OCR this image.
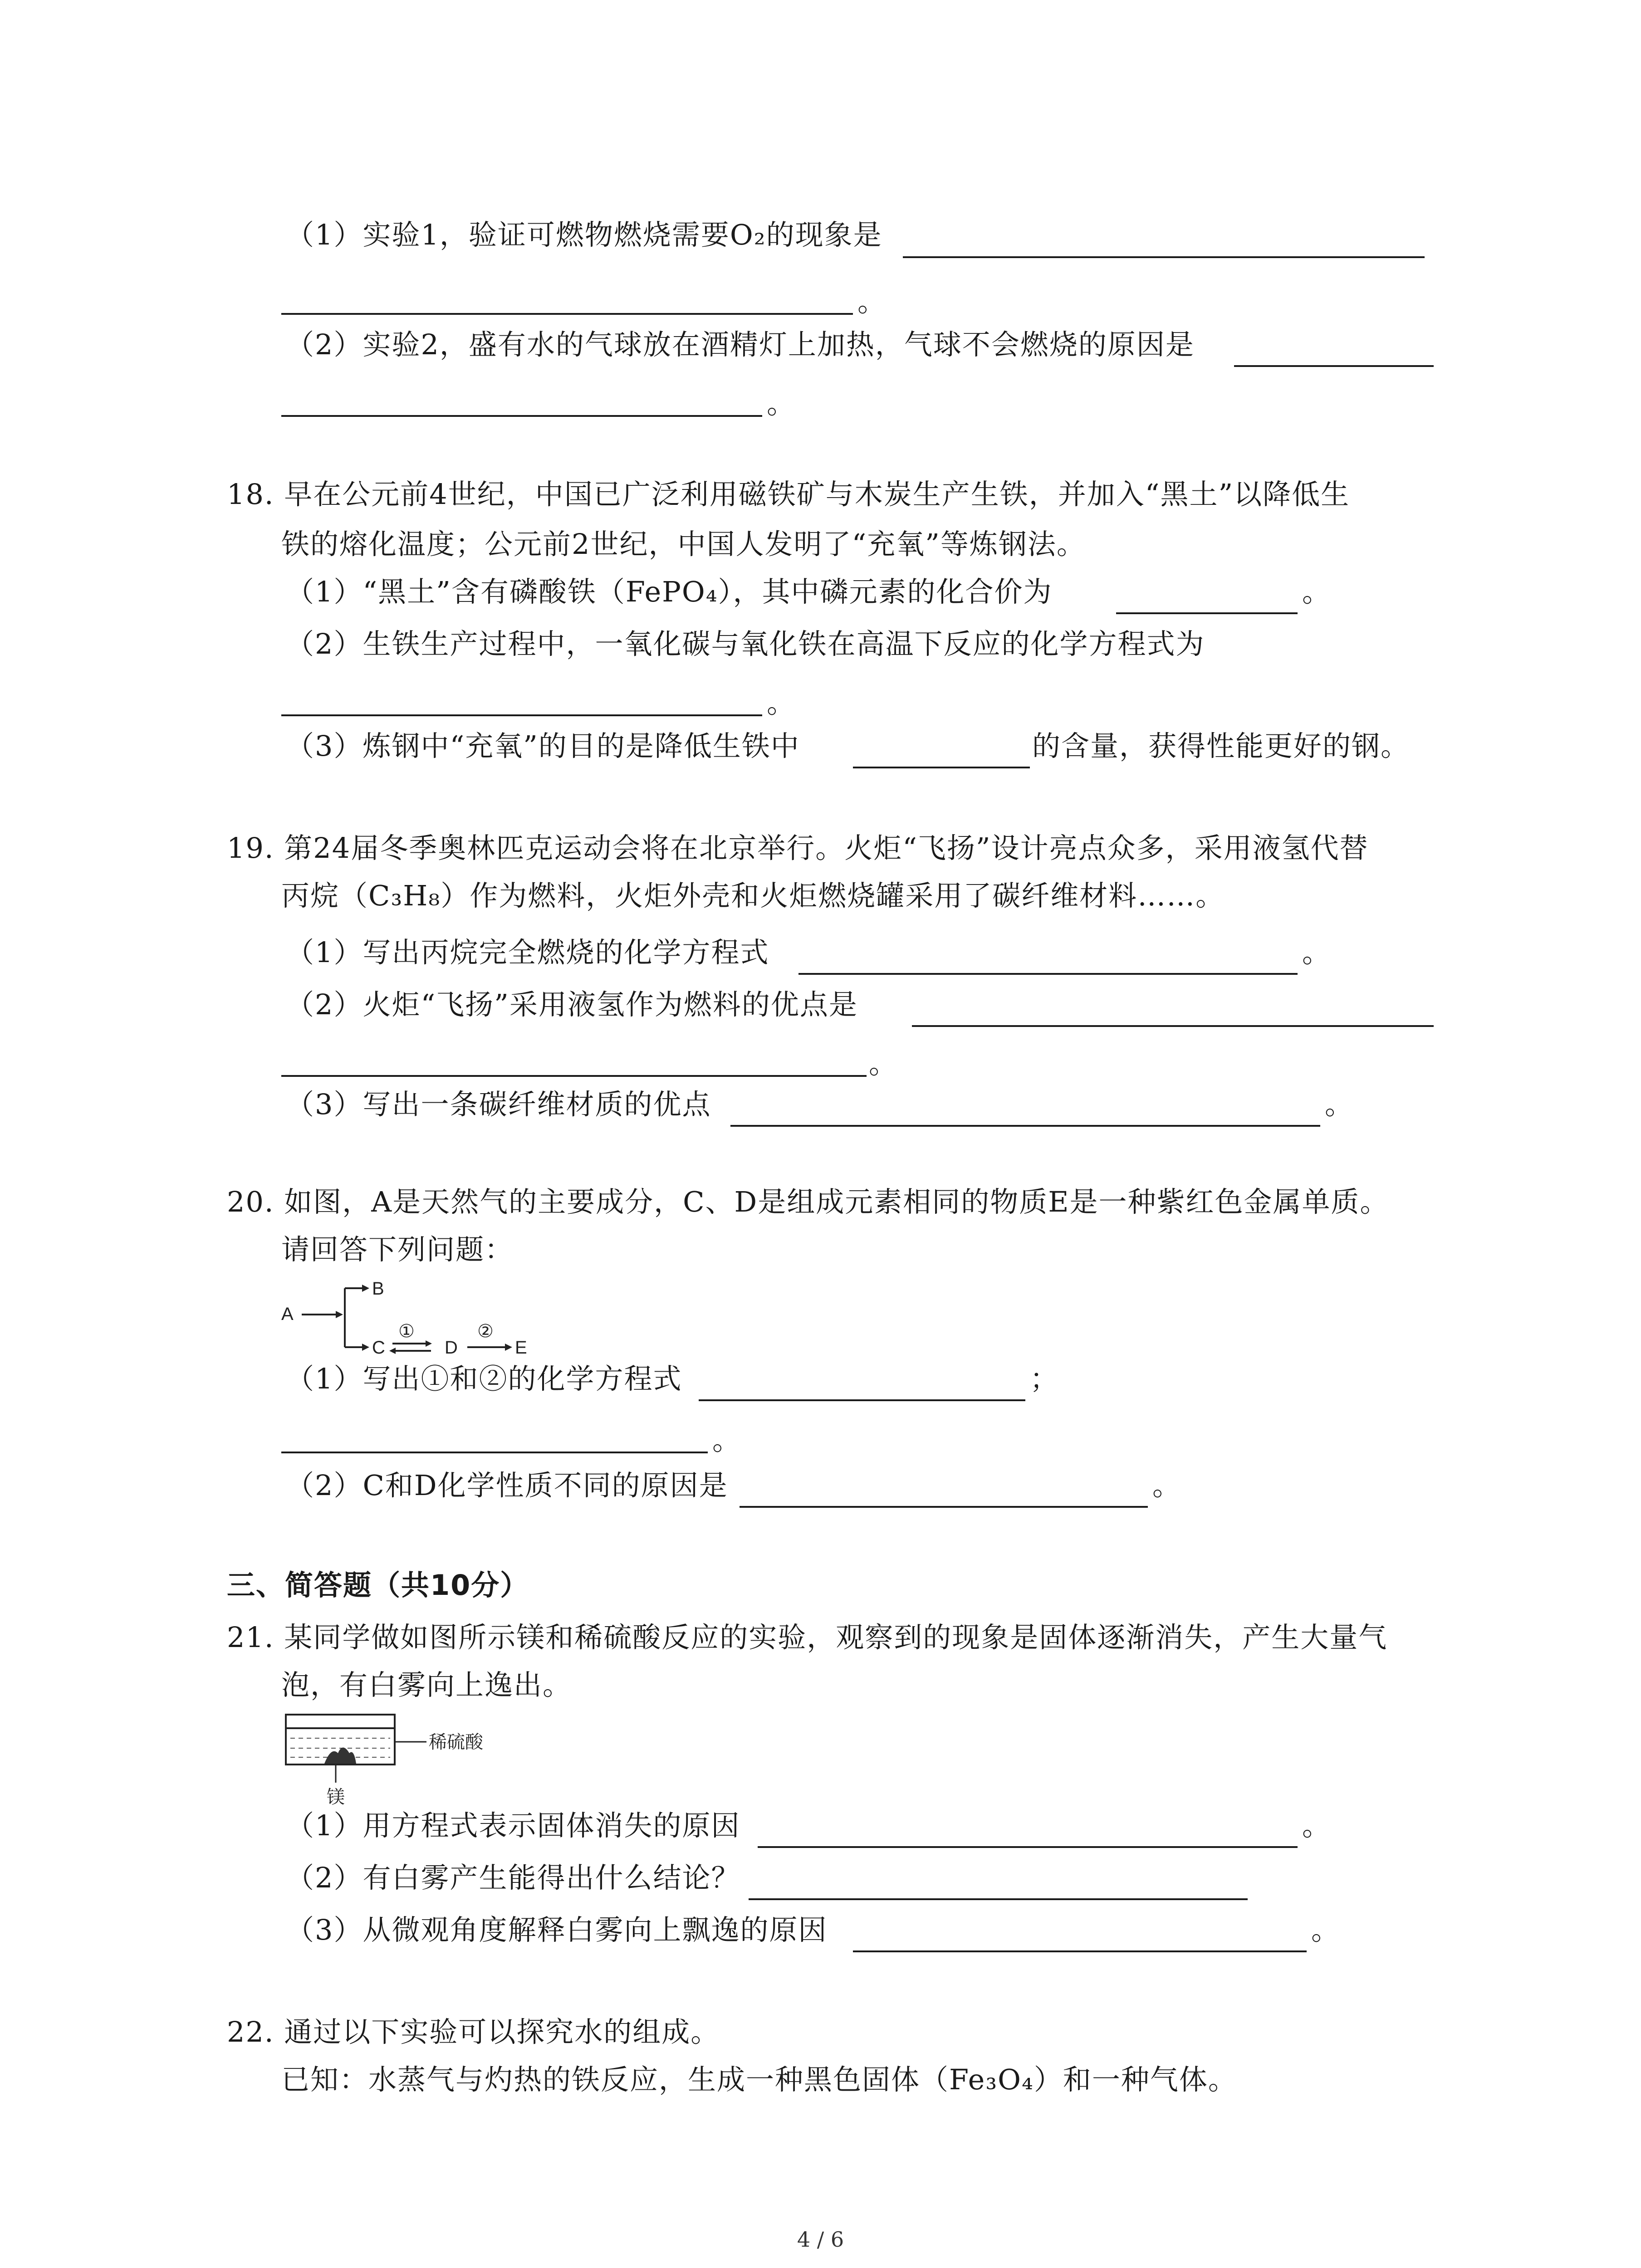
（1）实验1，验证可燃物燃烧需要O₂的现象是
。
（2）实验2，盛有水的气球放在酒精灯上加热，气球不会燃烧的原因是
。
18. 早在公元前4世纪，中国已广泛利用磁铁矿与木炭生产生铁，并加入“黑土”以降低生
铁的熔化温度；公元前2世纪，中国人发明了“充氧”等炼钢法。
（1）“黑土”含有磷酸铁（FePO₄），其中磷元素的化合价为	。
（2）生铁生产过程中，一氧化碳与氧化铁在高温下反应的化学方程式为
。
（3）炼钢中“充氧”的目的是降低生铁中	的含量，获得性能更好的钢。
19. 第24届冬季奥林匹克运动会将在北京举行。火炬“飞扬”设计亮点众多，采用液氢代替
丙烷（C₃H₈）作为燃料，火炬外壳和火炬燃烧罐采用了碳纤维材料……。
（1）写出丙烷完全燃烧的化学方程式	。
（2）火炬“飞扬”采用液氢作为燃料的优点是
。
（3）写出一条碳纤维材质的优点	。
20. 如图，A是天然气的主要成分，C、D是组成元素相同的物质E是一种紫红色金属单质。
请回答下列问题：
A
B
C
①
D
②
E
（1）写出①和②的化学方程式	；
。
（2）C和D化学性质不同的原因是	。
三、简答题（共10分）
21. 某同学做如图所示镁和稀硫酸反应的实验，观察到的现象是固体逐渐消失，产生大量气
泡，有白雾向上逸出。
稀硫酸
镁
（1）用方程式表示固体消失的原因	。
（2）有白雾产生能得出什么结论？
（3）从微观角度解释白雾向上飘逸的原因	。
22. 通过以下实验可以探究水的组成。
已知：水蒸气与灼热的铁反应，生成一种黑色固体（Fe₃O₄）和一种气体。
4 / 6
